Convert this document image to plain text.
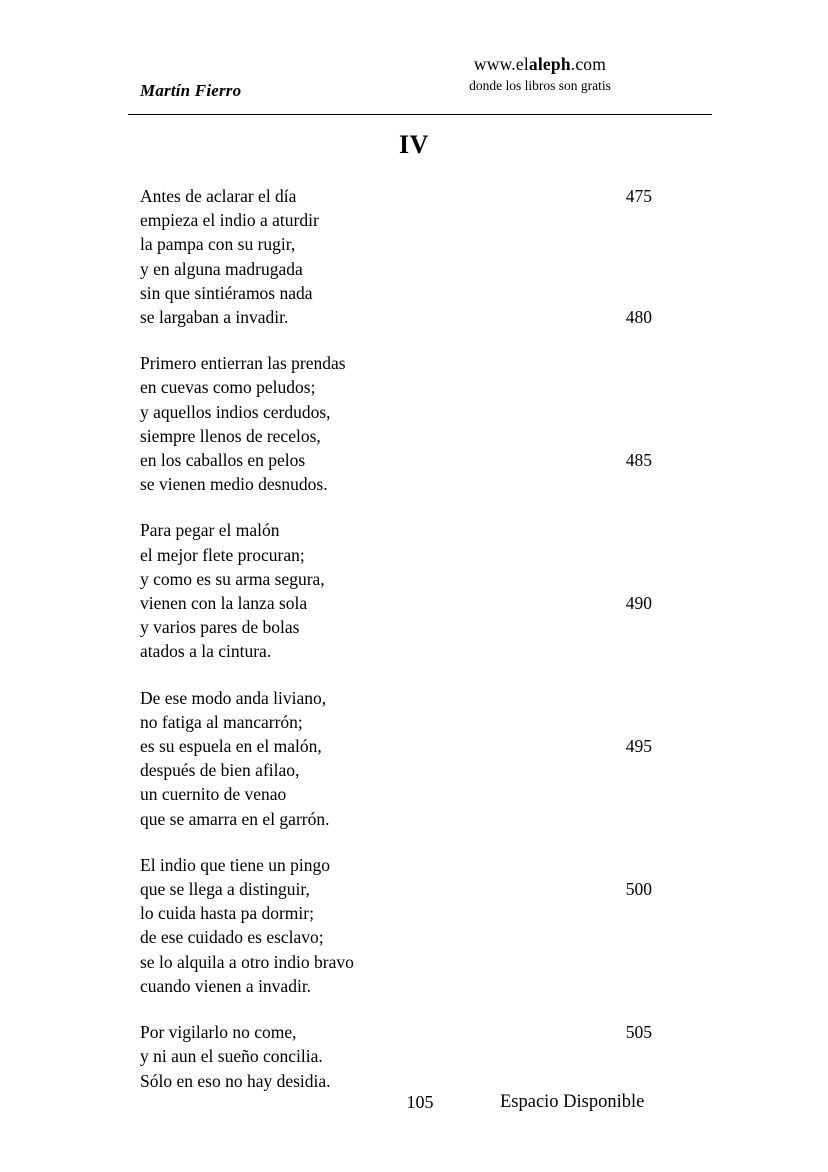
Martín Fierro
www.elaleph.com
donde los libros son gratis
IV
Antes de aclarar el día	475
empieza el indio a aturdir
la pampa con su rugir,
y en alguna madrugada
sin que sintiéramos nada
se largaban a invadir.	480
Primero entierran las prendas
en cuevas como peludos;
y aquellos indios cerdudos,
siempre llenos de recelos,
en los caballos en pelos	485
se vienen medio desnudos.
Para pegar el malón
el mejor flete procuran;
y como es su arma segura,
vienen con la lanza sola	490
y varios pares de bolas
atados a la cintura.
De ese modo anda liviano,
no fatiga al mancarrón;
es su espuela en el malón,	495
después de bien afilao,
un cuernito de venao
que se amarra en el garrón.
El indio que tiene un pingo
que se llega a distinguir,	500
lo cuida hasta pa dormir;
de ese cuidado es esclavo;
se lo alquila a otro indio bravo
cuando vienen a invadir.
Por vigilarlo no come,	505
y ni aun el sueño concilia.
Sólo en eso no hay desidia.
105	Espacio Disponible
